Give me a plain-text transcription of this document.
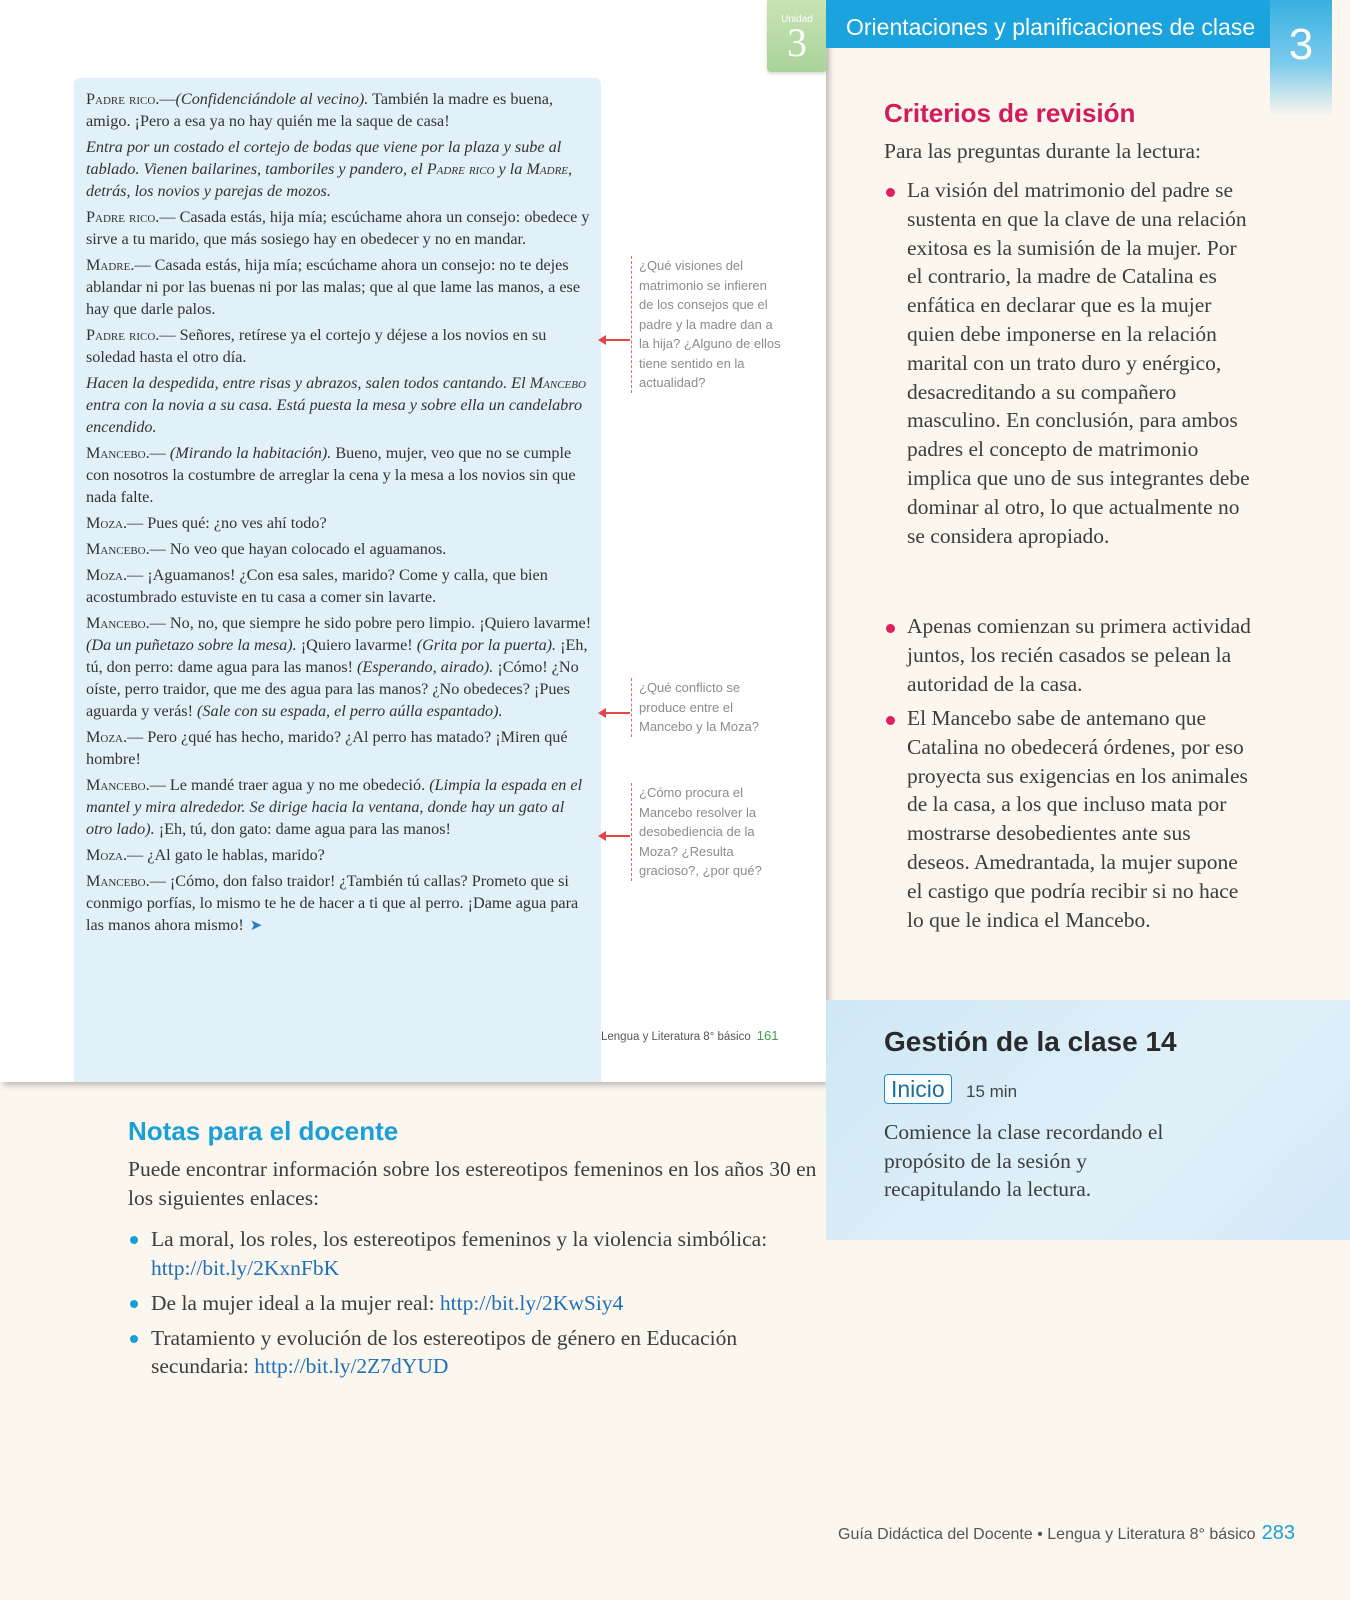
Padre rico.—(Confidenciándole al vecino). También la madre es buena, amigo. ¡Pero a esa ya no hay quién me la saque de casa!

Entra por un costado el cortejo de bodas que viene por la plaza y sube al tablado. Vienen bailarines, tamboriles y pandero, el Padre rico y la Madre, detrás, los novios y parejas de mozos.

Padre rico.— Casada estás, hija mía; escúchame ahora un consejo: obedece y sirve a tu marido, que más sosiego hay en obedecer y no en mandar.

Madre.— Casada estás, hija mía; escúchame ahora un consejo: no te dejes ablandar ni por las buenas ni por las malas; que al que lame las manos, a ese hay que darle palos.

Padre rico.— Señores, retírese ya el cortejo y déjese a los novios en su soledad hasta el otro día.

Hacen la despedida, entre risas y abrazos, salen todos cantando. El Mancebo entra con la novia a su casa. Está puesta la mesa y sobre ella un candelabro encendido.

Mancebo.— (Mirando la habitación). Bueno, mujer, veo que no se cumple con nosotros la costumbre de arreglar la cena y la mesa a los novios sin que nada falte.

Moza.— Pues qué: ¿no ves ahí todo?

Mancebo.— No veo que hayan colocado el aguamanos.

Moza.— ¡Aguamanos! ¿Con esa sales, marido? Come y calla, que bien acostumbrado estuviste en tu casa a comer sin lavarte.

Mancebo.— No, no, que siempre he sido pobre pero limpio. ¡Quiero lavarme! (Da un puñetazo sobre la mesa). ¡Quiero lavarme! (Grita por la puerta). ¡Eh, tú, don perro: dame agua para las manos! (Esperando, airado). ¡Cómo! ¿No oíste, perro traidor, que me des agua para las manos? ¿No obedeces? ¡Pues aguarda y verás! (Sale con su espada, el perro aúlla espantado).

Moza.— Pero ¿qué has hecho, marido? ¿Al perro has matado? ¡Miren qué hombre!

Mancebo.— Le mandé traer agua y no me obedeció. (Limpia la espada en el mantel y mira alrededor. Se dirige hacia la ventana, donde hay un gato al otro lado). ¡Eh, tú, don gato: dame agua para las manos!

Moza.— ¿Al gato le hablas, marido?

Mancebo.— ¡Cómo, don falso traidor! ¿También tú callas? Prometo que si conmigo porfías, lo mismo te he de hacer a ti que al perro. ¡Dame agua para las manos ahora mismo! ➤

Unidad
3
¿Qué visiones del matrimonio se infieren de los consejos que el padre y la madre dan a la hija? ¿Alguno de ellos tiene sentido en la actualidad?
¿Qué conflicto se produce entre el Mancebo y la Moza?
¿Cómo procura el Mancebo resolver la desobediencia de la Moza? ¿Resulta gracioso?, ¿por qué?
Lengua y Literatura 8° básico 161
Orientaciones y planificaciones de clase 3
Criterios de revisión
Para las preguntas durante la lectura:
La visión del matrimonio del padre se sustenta en que la clave de una relación exitosa es la sumisión de la mujer. Por el contrario, la madre de Catalina es enfática en declarar que es la mujer quien debe imponerse en la relación marital con un trato duro y enérgico, desacreditando a su compañero masculino. En conclusión, para ambos padres el concepto de matrimonio implica que uno de sus integrantes debe dominar al otro, lo que actualmente no se considera apropiado.
Apenas comienzan su primera actividad juntos, los recién casados se pelean la autoridad de la casa.
El Mancebo sabe de antemano que Catalina no obedecerá órdenes, por eso proyecta sus exigencias en los animales de la casa, a los que incluso mata por mostrarse desobedientes ante sus deseos. Amedrantada, la mujer supone el castigo que podría recibir si no hace lo que le indica el Mancebo.
Gestión de la clase 14
Inicio	15 min

Comience la clase recordando el propósito de la sesión y recapitulando la lectura.

Notas para el docente
Puede encontrar información sobre los estereotipos femeninos en los años 30 en los siguientes enlaces:
La moral, los roles, los estereotipos femeninos y la violencia simbólica: http://bit.ly/2KxnFbK
De la mujer ideal a la mujer real: http://bit.ly/2KwSiy4
Tratamiento y evolución de los estereotipos de género en Educación secundaria: http://bit.ly/2Z7dYUD
Guía Didáctica del Docente • Lengua y Literatura 8° básico 283
